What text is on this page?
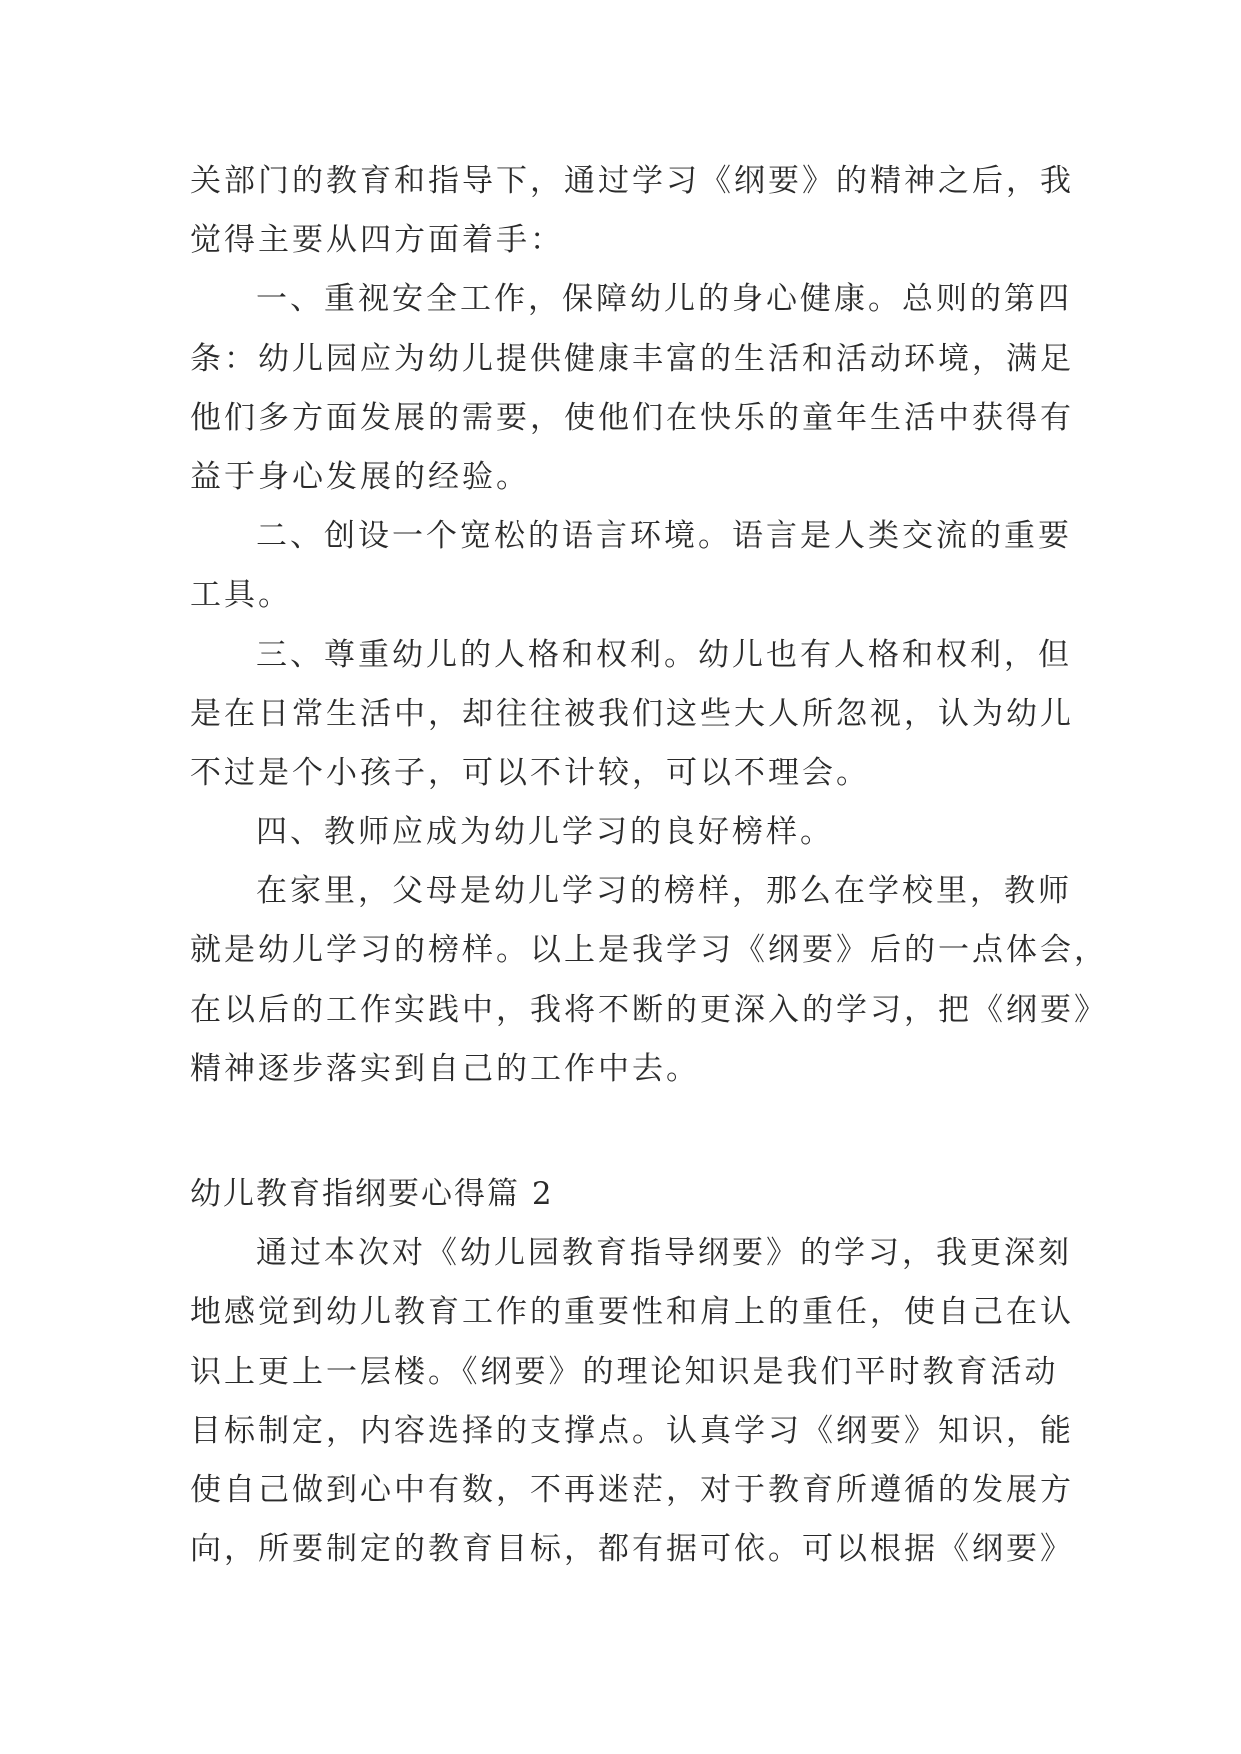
关部门的教育和指导下，通过学习《纲要》的精神之后，我
觉得主要从四方面着手：
一、重视安全工作，保障幼儿的身心健康。总则的第四
条：幼儿园应为幼儿提供健康丰富的生活和活动环境，满足
他们多方面发展的需要，使他们在快乐的童年生活中获得有
益于身心发展的经验。
二、创设一个宽松的语言环境。语言是人类交流的重要
工具。
三、尊重幼儿的人格和权利。幼儿也有人格和权利，但
是在日常生活中，却往往被我们这些大人所忽视，认为幼儿
不过是个小孩子，可以不计较，可以不理会。
四、教师应成为幼儿学习的良好榜样。
在家里，父母是幼儿学习的榜样，那么在学校里，教师
就是幼儿学习的榜样。以上是我学习《纲要》后的一点体会，
在以后的工作实践中，我将不断的更深入的学习，把《纲要》
精神逐步落实到自己的工作中去。
幼儿教育指纲要心得篇 2
通过本次对《幼儿园教育指导纲要》的学习，我更深刻
地感觉到幼儿教育工作的重要性和肩上的重任，使自己在认
识上更上一层楼。《纲要》的理论知识是我们平时教育活动
目标制定，内容选择的支撑点。认真学习《纲要》知识，能
使自己做到心中有数，不再迷茫，对于教育所遵循的发展方
向，所要制定的教育目标，都有据可依。可以根据《纲要》
